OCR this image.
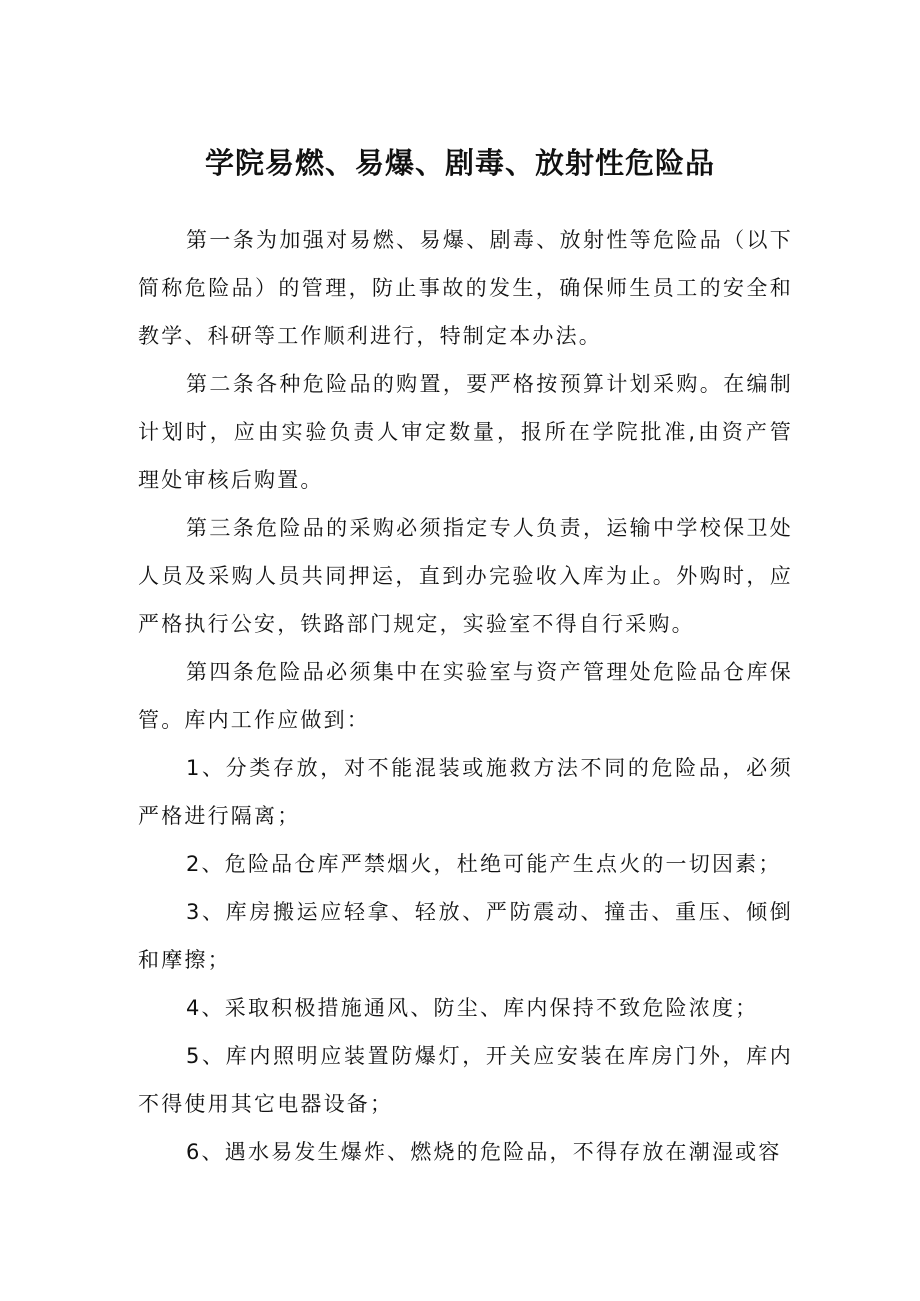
学院易燃、易爆、剧毒、放射性危险品

第一条为加强对易燃、易爆、剧毒、放射性等危险品（以下简称危险品）的管理，防止事故的发生，确保师生员工的安全和教学、科研等工作顺利进行，特制定本办法。

第二条各种危险品的购置，要严格按预算计划采购。在编制计划时，应由实验负责人审定数量，报所在学院批准,由资产管理处审核后购置。

第三条危险品的采购必须指定专人负责，运输中学校保卫处人员及采购人员共同押运，直到办完验收入库为止。外购时，应严格执行公安，铁路部门规定，实验室不得自行采购。

第四条危险品必须集中在实验室与资产管理处危险品仓库保管。库内工作应做到：

1、分类存放，对不能混装或施救方法不同的危险品，必须严格进行隔离；

2、危险品仓库严禁烟火，杜绝可能产生点火的一切因素；

3、库房搬运应轻拿、轻放、严防震动、撞击、重压、倾倒和摩擦；

4、采取积极措施通风、防尘、库内保持不致危险浓度；

5、库内照明应装置防爆灯，开关应安装在库房门外，库内不得使用其它电器设备；

6、遇水易发生爆炸、燃烧的危险品，不得存放在潮湿或容
